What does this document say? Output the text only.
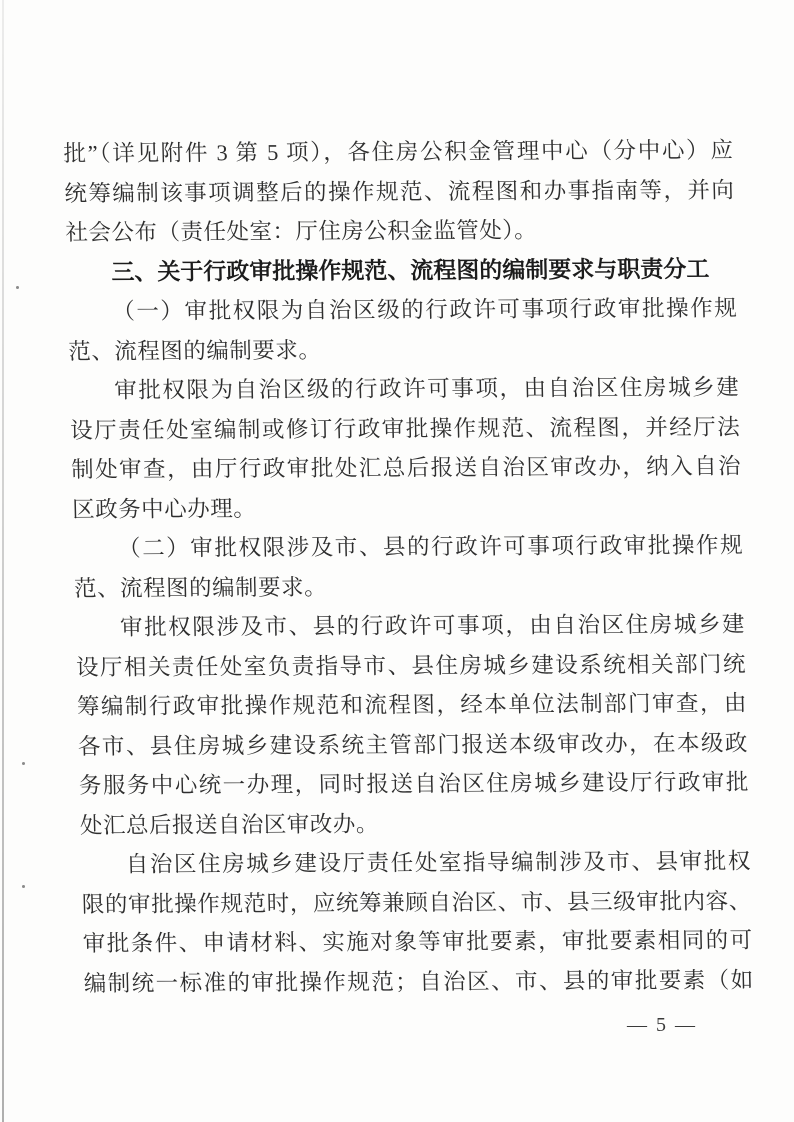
批”（详见附件 3 第 5 项），各住房公积金管理中心（分中心）应
统筹编制该事项调整后的操作规范、流程图和办事指南等，并向
社会公布（责任处室：厅住房公积金监管处）。
三、关于行政审批操作规范、流程图的编制要求与职责分工
（一）审批权限为自治区级的行政许可事项行政审批操作规
范、流程图的编制要求。
审批权限为自治区级的行政许可事项，由自治区住房城乡建
设厅责任处室编制或修订行政审批操作规范、流程图，并经厅法
制处审查，由厅行政审批处汇总后报送自治区审改办，纳入自治
区政务中心办理。
（二）审批权限涉及市、县的行政许可事项行政审批操作规
范、流程图的编制要求。
审批权限涉及市、县的行政许可事项，由自治区住房城乡建
设厅相关责任处室负责指导市、县住房城乡建设系统相关部门统
筹编制行政审批操作规范和流程图，经本单位法制部门审查，由
各市、县住房城乡建设系统主管部门报送本级审改办，在本级政
务服务中心统一办理，同时报送自治区住房城乡建设厅行政审批
处汇总后报送自治区审改办。
自治区住房城乡建设厅责任处室指导编制涉及市、县审批权
限的审批操作规范时，应统筹兼顾自治区、市、县三级审批内容、
审批条件、申请材料、实施对象等审批要素，审批要素相同的可
编制统一标准的审批操作规范；自治区、市、县的审批要素（如
— 5 —
